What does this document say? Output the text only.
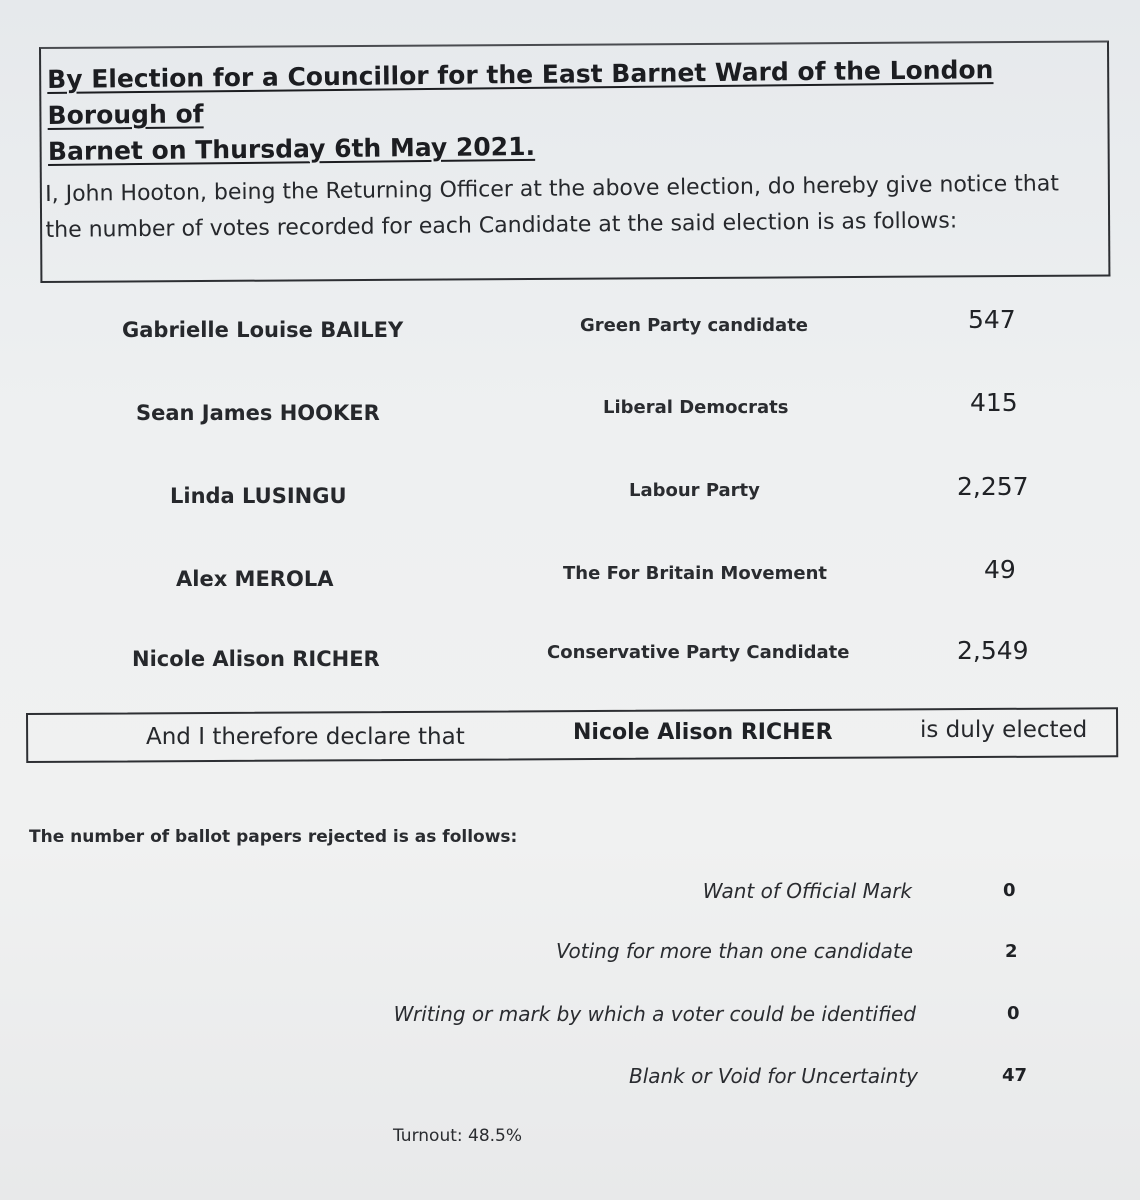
By Election for a Councillor for the East Barnet Ward of the London Borough of
Barnet on Thursday 6th May 2021.
I, John Hooton, being the Returning Officer at the above election, do hereby give notice that
the number of votes recorded for each Candidate at the said election is as follows:
Gabrielle Louise BAILEY	Green Party candidate	547
Sean James HOOKER	Liberal Democrats	415
Linda LUSINGU	Labour Party	2,257
Alex MEROLA	The For Britain Movement	49
Nicole Alison RICHER	Conservative Party Candidate	2,549
And I therefore declare that	Nicole Alison RICHER	is duly elected
The number of ballot papers rejected is as follows:
Want of Official Mark	0
Voting for more than one candidate	2
Writing or mark by which a voter could be identified	0
Blank or Void for Uncertainty	47
Turnout: 48.5%
